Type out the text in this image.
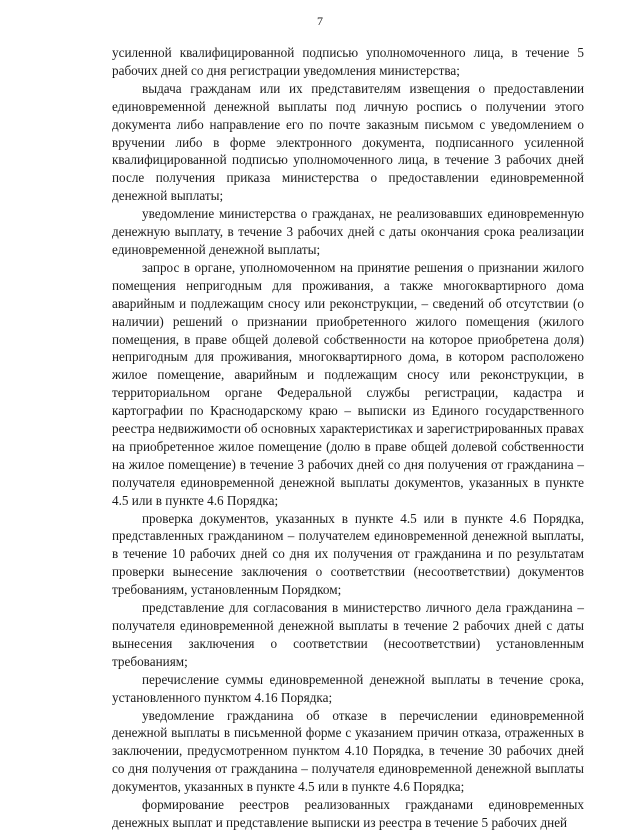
7

усиленной квалифицированной подписью уполномоченного лица, в течение 5 рабочих дней со дня регистрации уведомления министерства;

выдача гражданам или их представителям извещения о предоставлении единовременной денежной выплаты под личную роспись о получении этого документа либо направление его по почте заказным письмом с уведомлением о вручении либо в форме электронного документа, подписанного усиленной квалифицированной подписью уполномоченного лица, в течение 3 рабочих дней после получения приказа министерства о предоставлении единовременной денежной выплаты;

уведомление министерства о гражданах, не реализовавших единовременную денежную выплату, в течение 3 рабочих дней с даты окончания срока реализации единовременной денежной выплаты;

запрос в органе, уполномоченном на принятие решения о признании жилого помещения непригодным для проживания, а также многоквартирного дома аварийным и подлежащим сносу или реконструкции, – сведений об отсутствии (о наличии) решений о признании приобретенного жилого помещения (жилого помещения, в праве общей долевой собственности на которое приобретена доля) непригодным для проживания, многоквартирного дома, в котором расположено жилое помещение, аварийным и подлежащим сносу или реконструкции, в территориальном органе Федеральной службы регистрации, кадастра и картографии по Краснодарскому краю – выписки из Единого государственного реестра недвижимости об основных характеристиках и зарегистрированных правах на приобретенное жилое помещение (долю в праве общей долевой собственности на жилое помещение) в течение 3 рабочих дней со дня получения от гражданина – получателя единовременной денежной выплаты документов, указанных в пункте 4.5 или в пункте 4.6 Порядка;

проверка документов, указанных в пункте 4.5 или в пункте 4.6 Порядка, представленных гражданином – получателем единовременной денежной выплаты, в течение 10 рабочих дней со дня их получения от гражданина и по результатам проверки вынесение заключения о соответствии (несоответствии) документов требованиям, установленным Порядком;

представление для согласования в министерство личного дела гражданина – получателя единовременной денежной выплаты в течение 2 рабочих дней с даты вынесения заключения о соответствии (несоответствии) установленным требованиям;

перечисление суммы единовременной денежной выплаты в течение срока, установленного пунктом 4.16 Порядка;

уведомление гражданина об отказе в перечислении единовременной денежной выплаты в письменной форме с указанием причин отказа, отраженных в заключении, предусмотренном пунктом 4.10 Порядка, в течение 30 рабочих дней со дня получения от гражданина – получателя единовременной денежной выплаты документов, указанных в пункте 4.5 или в пункте 4.6 Порядка;

формирование реестров реализованных гражданами единовременных денежных выплат и представление выписки из реестра в течение 5 рабочих дней
